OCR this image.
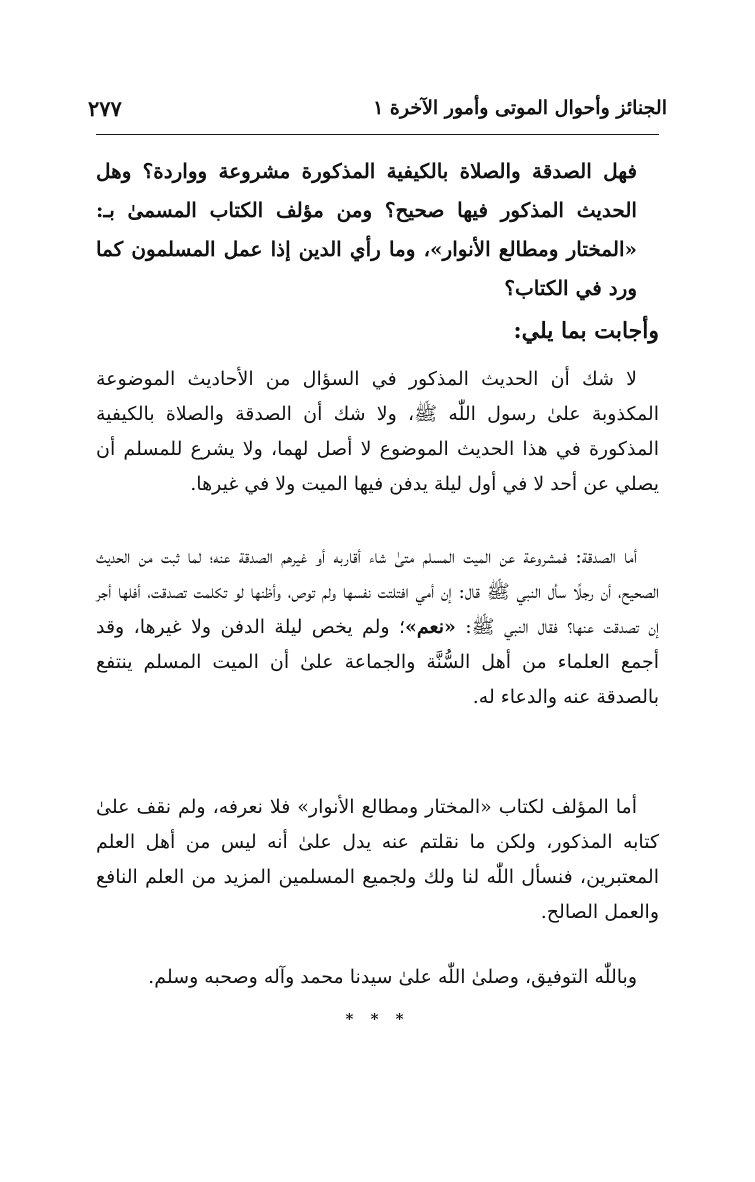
الجنائز وأحوال الموتى وأمور الآخرة ١
٢٧٧
فهل الصدقة والصلاة بالكيفية المذكورة مشروعة وواردة؟ وهل الحديث المذكور فيها صحيح؟ ومن مؤلف الكتاب المسمىٰ بـ: «المختار ومطالع الأنوار»، وما رأي الدين إذا عمل المسلمون كما ورد في الكتاب؟
وأجابت بما يلي:
لا شك أن الحديث المذكور في السؤال من الأحاديث الموضوعة المكذوبة علىٰ رسول اللّٰه ﷺ، ولا شك أن الصدقة والصلاة بالكيفية المذكورة في هذا الحديث الموضوع لا أصل لهما، ولا يشرع للمسلم أن يصلي عن أحد لا في أول ليلة يدفن فيها الميت ولا في غيرها.
أما الصدقة: فمشروعة عن الميت المسلم متىٰ شاء أقاربه أو غيرهم الصدقة عنه؛ لما ثبت من الحديث الصحيح، أن رجلًا سأل النبي ﷺ قال: إن أمي افتلتت نفسها ولم توص، وأظنها لو تكلمت تصدقت، أفلها أجر إن تصدقت عنها؟ فقال النبي ﷺ: «نعم»؛ ولم يخص ليلة الدفن ولا غيرها، وقد أجمع العلماء من أهل السُّنَّة والجماعة علىٰ أن الميت المسلم ينتفع بالصدقة عنه والدعاء له.
أما المؤلف لكتاب «المختار ومطالع الأنوار» فلا نعرفه، ولم نقف علىٰ كتابه المذكور، ولكن ما نقلتم عنه يدل علىٰ أنه ليس من أهل العلم المعتبرين، فنسأل اللّٰه لنا ولك ولجميع المسلمين المزيد من العلم النافع والعمل الصالح.
وباللّٰه التوفيق، وصلىٰ اللّٰه علىٰ سيدنا محمد وآله وصحبه وسلم.
* * *
